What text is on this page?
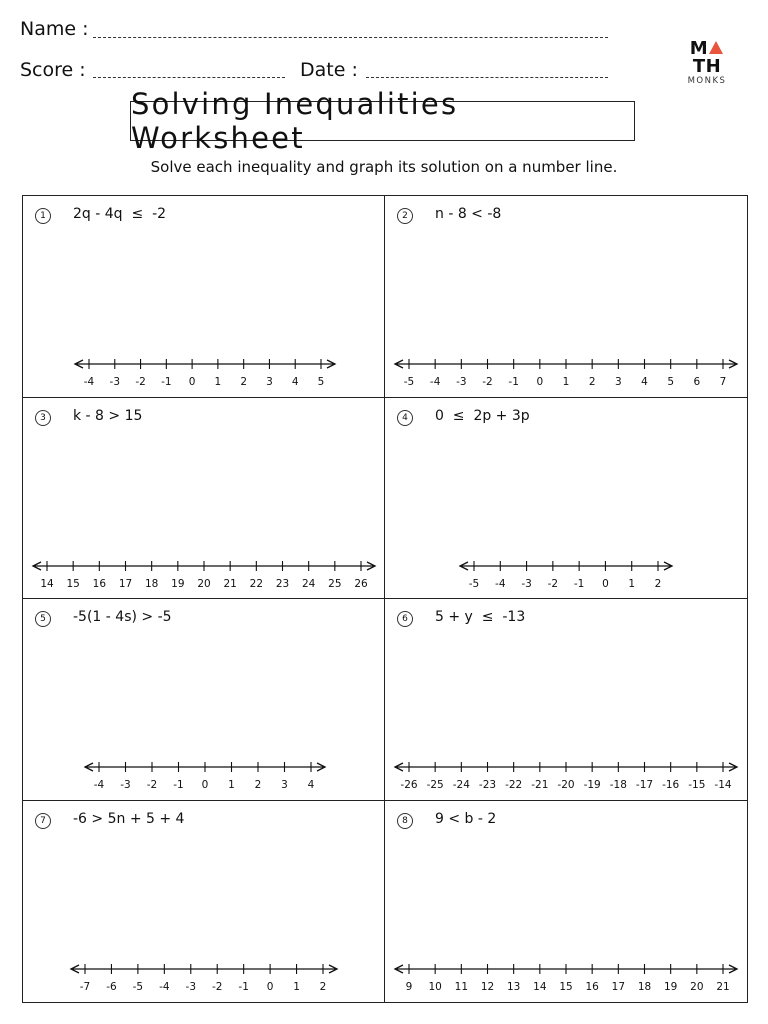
Name :
Score :	Date :
MTH
MONKS
Solving Inequalities Worksheet
Solve each inequality and graph its solution on a number line.
1	2q - 4q  ≤  -2
-4 -3 -2 -1 0 1 2 3 4 5
2	n - 8 < -8
-5 -4 -3 -2 -1 0 1 2 3 4 5 6 7
3	k - 8 > 15
14 15 16 17 18 19 20 21 22 23 24 25 26
4	0  ≤  2p + 3p
-5 -4 -3 -2 -1 0 1 2
5	-5(1 - 4s) > -5
-4 -3 -2 -1 0 1 2 3 4
6	5 + y  ≤  -13
-26 -25 -24 -23 -22 -21 -20 -19 -18 -17 -16 -15 -14
7	-6 > 5n + 5 + 4
-7 -6 -5 -4 -3 -2 -1 0 1 2
8	9 < b - 2
9 10 11 12 13 14 15 16 17 18 19 20 21
